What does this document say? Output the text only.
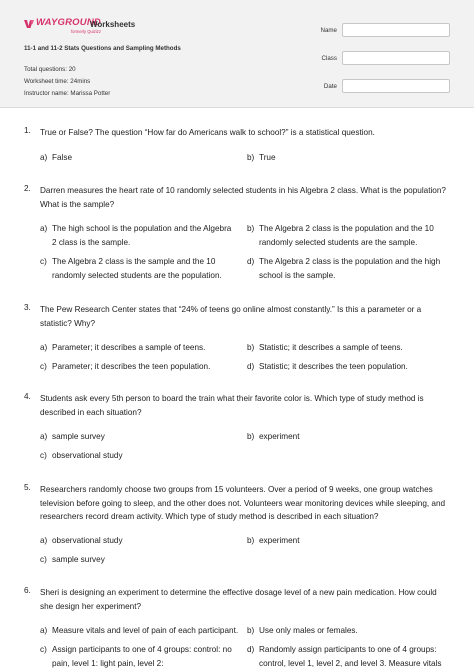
WAYGROUND
formerly Quizizz
Worksheets
11-1 and 11-2 Stats Questions and Sampling Methods
Total questions: 20
Worksheet time: 24mins
Instructor name: Marissa Potter
Name
Class
Date
1. True or False? The question “How far do Americans walk to school?” is a statistical question.
a) False	b) True
2. Darren measures the heart rate of 10 randomly selected students in his Algebra 2 class. What is the population? What is the sample?
a) The high school is the population and the Algebra 2 class is the sample.
b) The Algebra 2 class is the population and the 10 randomly selected students are the sample.
c) The Algebra 2 class is the sample and the 10 randomly selected students are the population.
d) The Algebra 2 class is the population and the high school is the sample.
3. The Pew Research Center states that “24% of teens go online almost constantly.” Is this a parameter or a statistic? Why?
a) Parameter; it describes a sample of teens.	b) Statistic; it describes a sample of teens.
c) Parameter; it describes the teen population.	d) Statistic; it describes the teen population.
4. Students ask every 5th person to board the train what their favorite color is. Which type of study method is described in each situation?
a) sample survey	b) experiment
c) observational study
5. Researchers randomly choose two groups from 15 volunteers. Over a period of 9 weeks, one group watches television before going to sleep, and the other does not. Volunteers wear monitoring devices while sleeping, and researchers record dream activity. Which type of study method is described in each situation?
a) observational study	b) experiment
c) sample survey
6. Sheri is designing an experiment to determine the effective dosage level of a new pain medication. How could she design her experiment?
a) Measure vitals and level of pain of each participant.	b) Use only males or females.
c) Assign participants to one of 4 groups: control: no pain, level 1: light pain, level 2:
d) Randomly assign participants to one of 4 groups: control, level 1, level 2, and level 3. Measure vitals
